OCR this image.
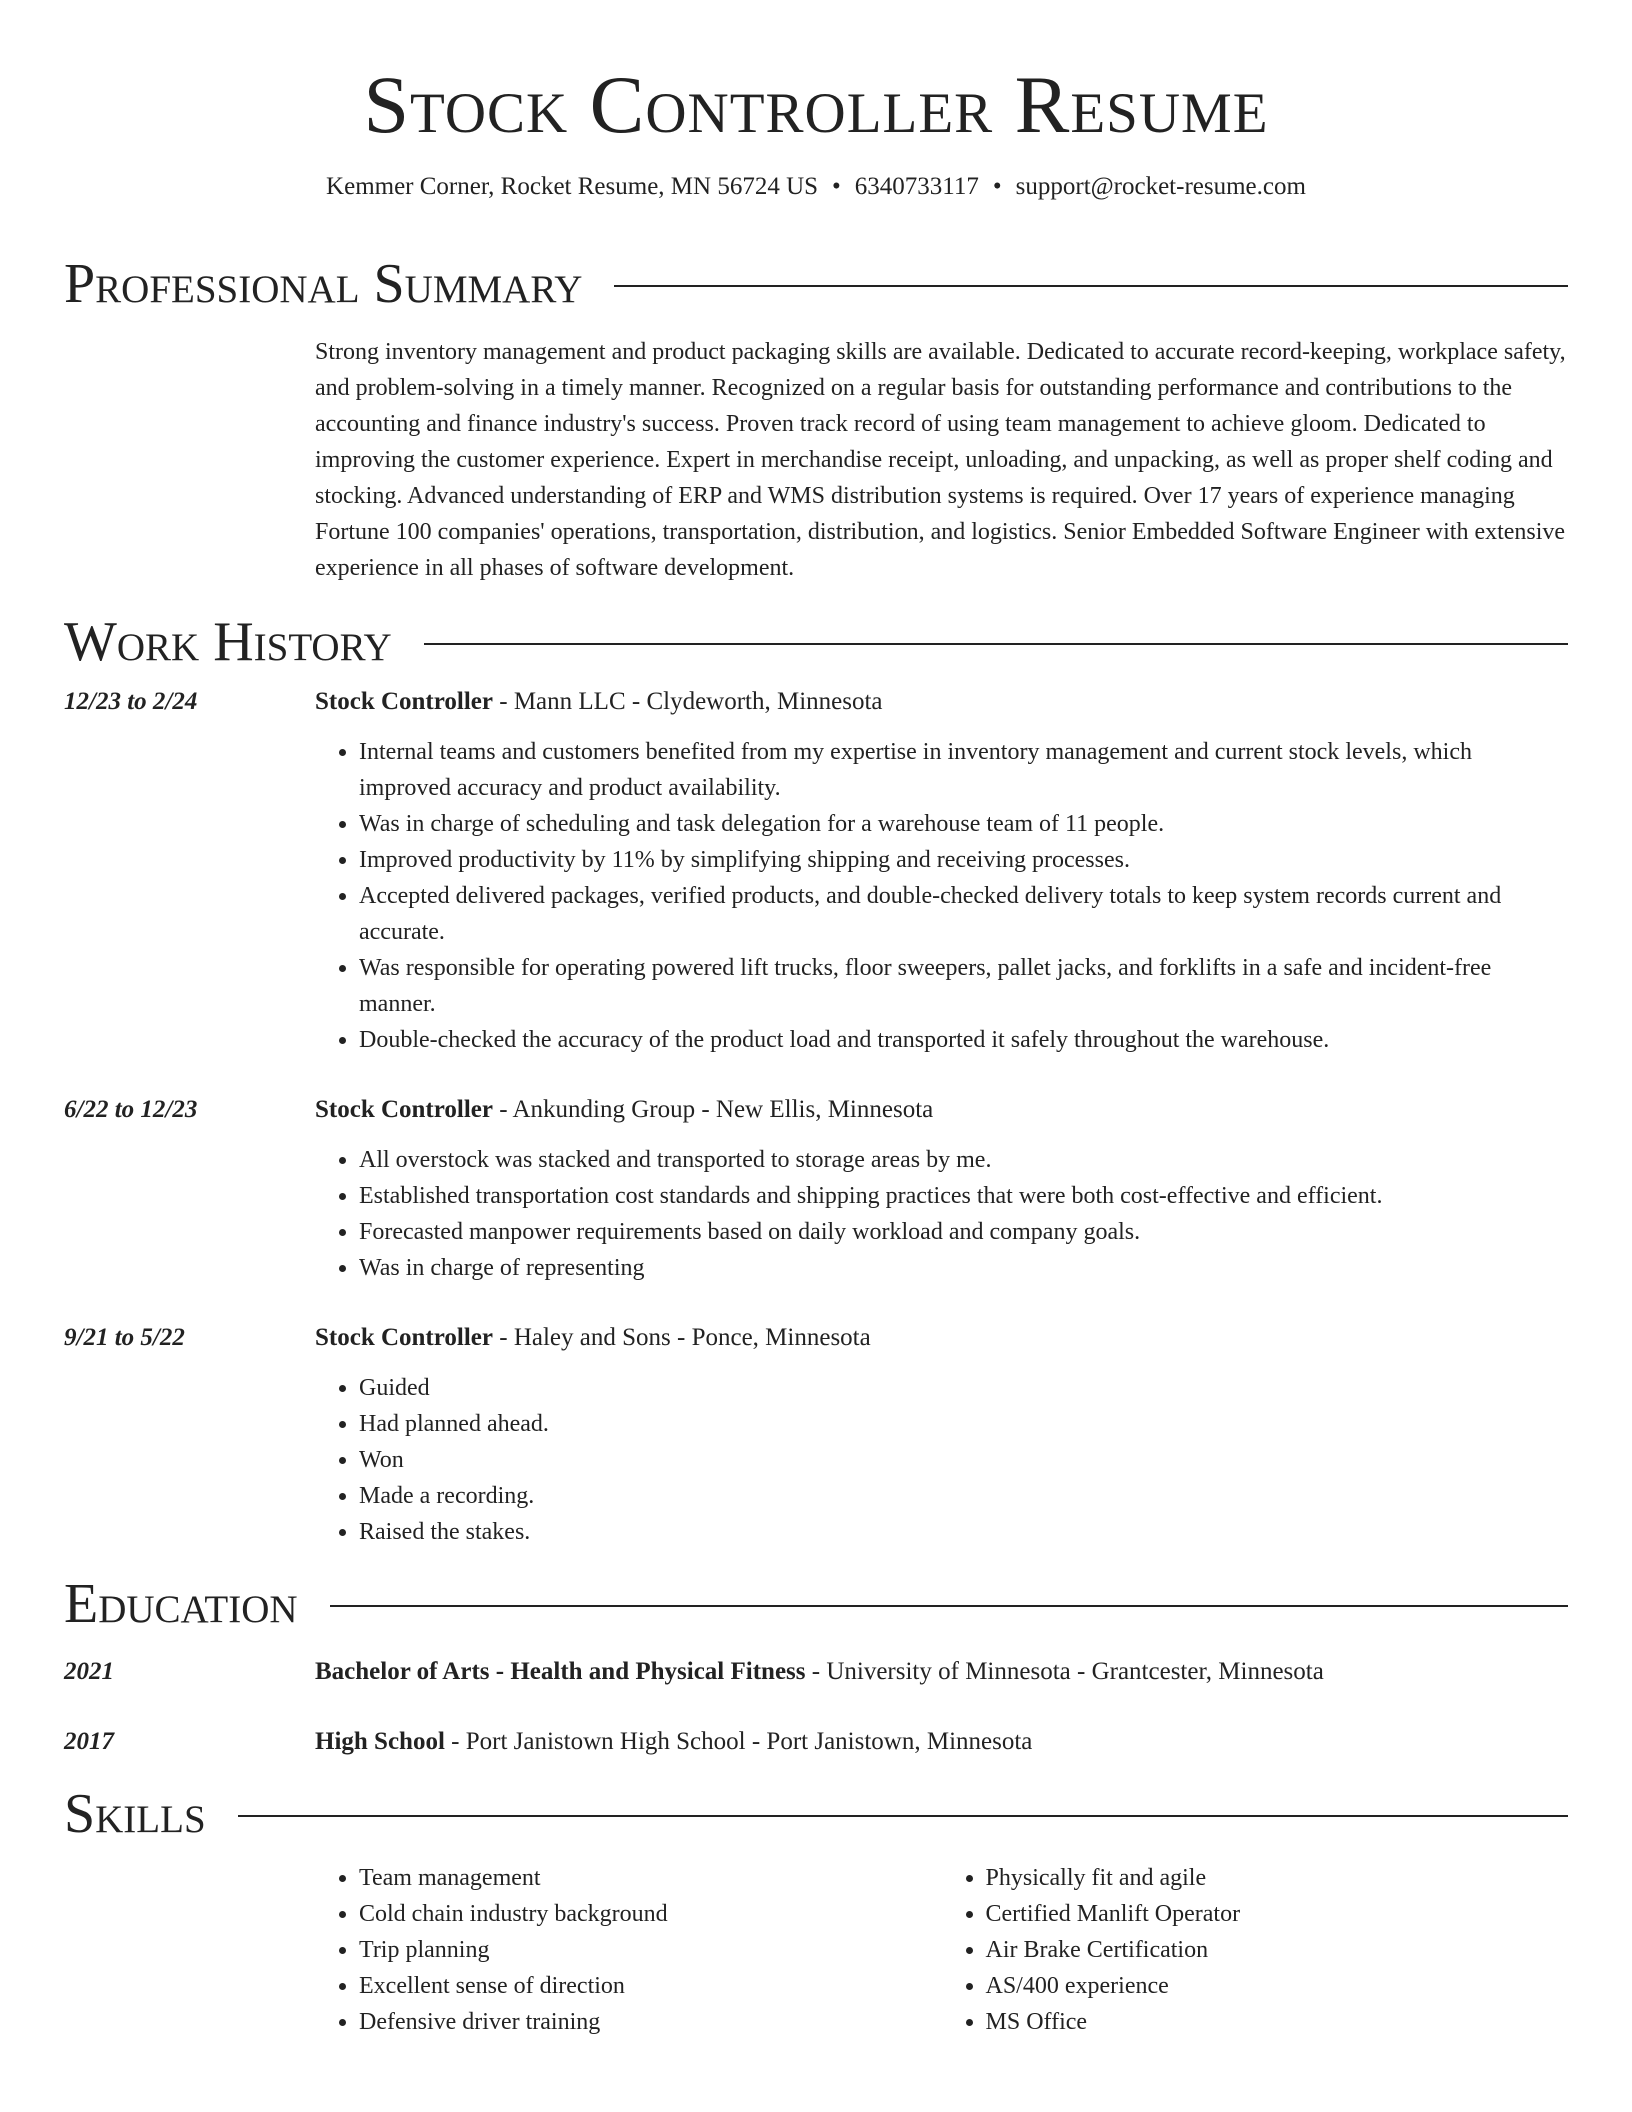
Stock Controller Resume
Kemmer Corner, Rocket Resume, MN 56724 US • 6340733117 • support@rocket-resume.com
Professional Summary
Strong inventory management and product packaging skills are available. Dedicated to accurate record-keeping, workplace safety, and problem-solving in a timely manner. Recognized on a regular basis for outstanding performance and contributions to the accounting and finance industry's success. Proven track record of using team management to achieve gloom. Dedicated to improving the customer experience. Expert in merchandise receipt, unloading, and unpacking, as well as proper shelf coding and stocking. Advanced understanding of ERP and WMS distribution systems is required. Over 17 years of experience managing Fortune 100 companies' operations, transportation, distribution, and logistics. Senior Embedded Software Engineer with extensive experience in all phases of software development.
Work History
12/23 to 2/24	Stock Controller - Mann LLC - Clydeworth, Minnesota
• Internal teams and customers benefited from my expertise in inventory management and current stock levels, which improved accuracy and product availability.
• Was in charge of scheduling and task delegation for a warehouse team of 11 people.
• Improved productivity by 11% by simplifying shipping and receiving processes.
• Accepted delivered packages, verified products, and double-checked delivery totals to keep system records current and accurate.
• Was responsible for operating powered lift trucks, floor sweepers, pallet jacks, and forklifts in a safe and incident-free manner.
• Double-checked the accuracy of the product load and transported it safely throughout the warehouse.
6/22 to 12/23	Stock Controller - Ankunding Group - New Ellis, Minnesota
• All overstock was stacked and transported to storage areas by me.
• Established transportation cost standards and shipping practices that were both cost-effective and efficient.
• Forecasted manpower requirements based on daily workload and company goals.
• Was in charge of representing
9/21 to 5/22	Stock Controller - Haley and Sons - Ponce, Minnesota
• Guided
• Had planned ahead.
• Won
• Made a recording.
• Raised the stakes.
Education
2021	Bachelor of Arts - Health and Physical Fitness - University of Minnesota - Grantcester, Minnesota
2017	High School - Port Janistown High School - Port Janistown, Minnesota
Skills
• Team management
• Cold chain industry background
• Trip planning
• Excellent sense of direction
• Defensive driver training
• Physically fit and agile
• Certified Manlift Operator
• Air Brake Certification
• AS/400 experience
• MS Office
